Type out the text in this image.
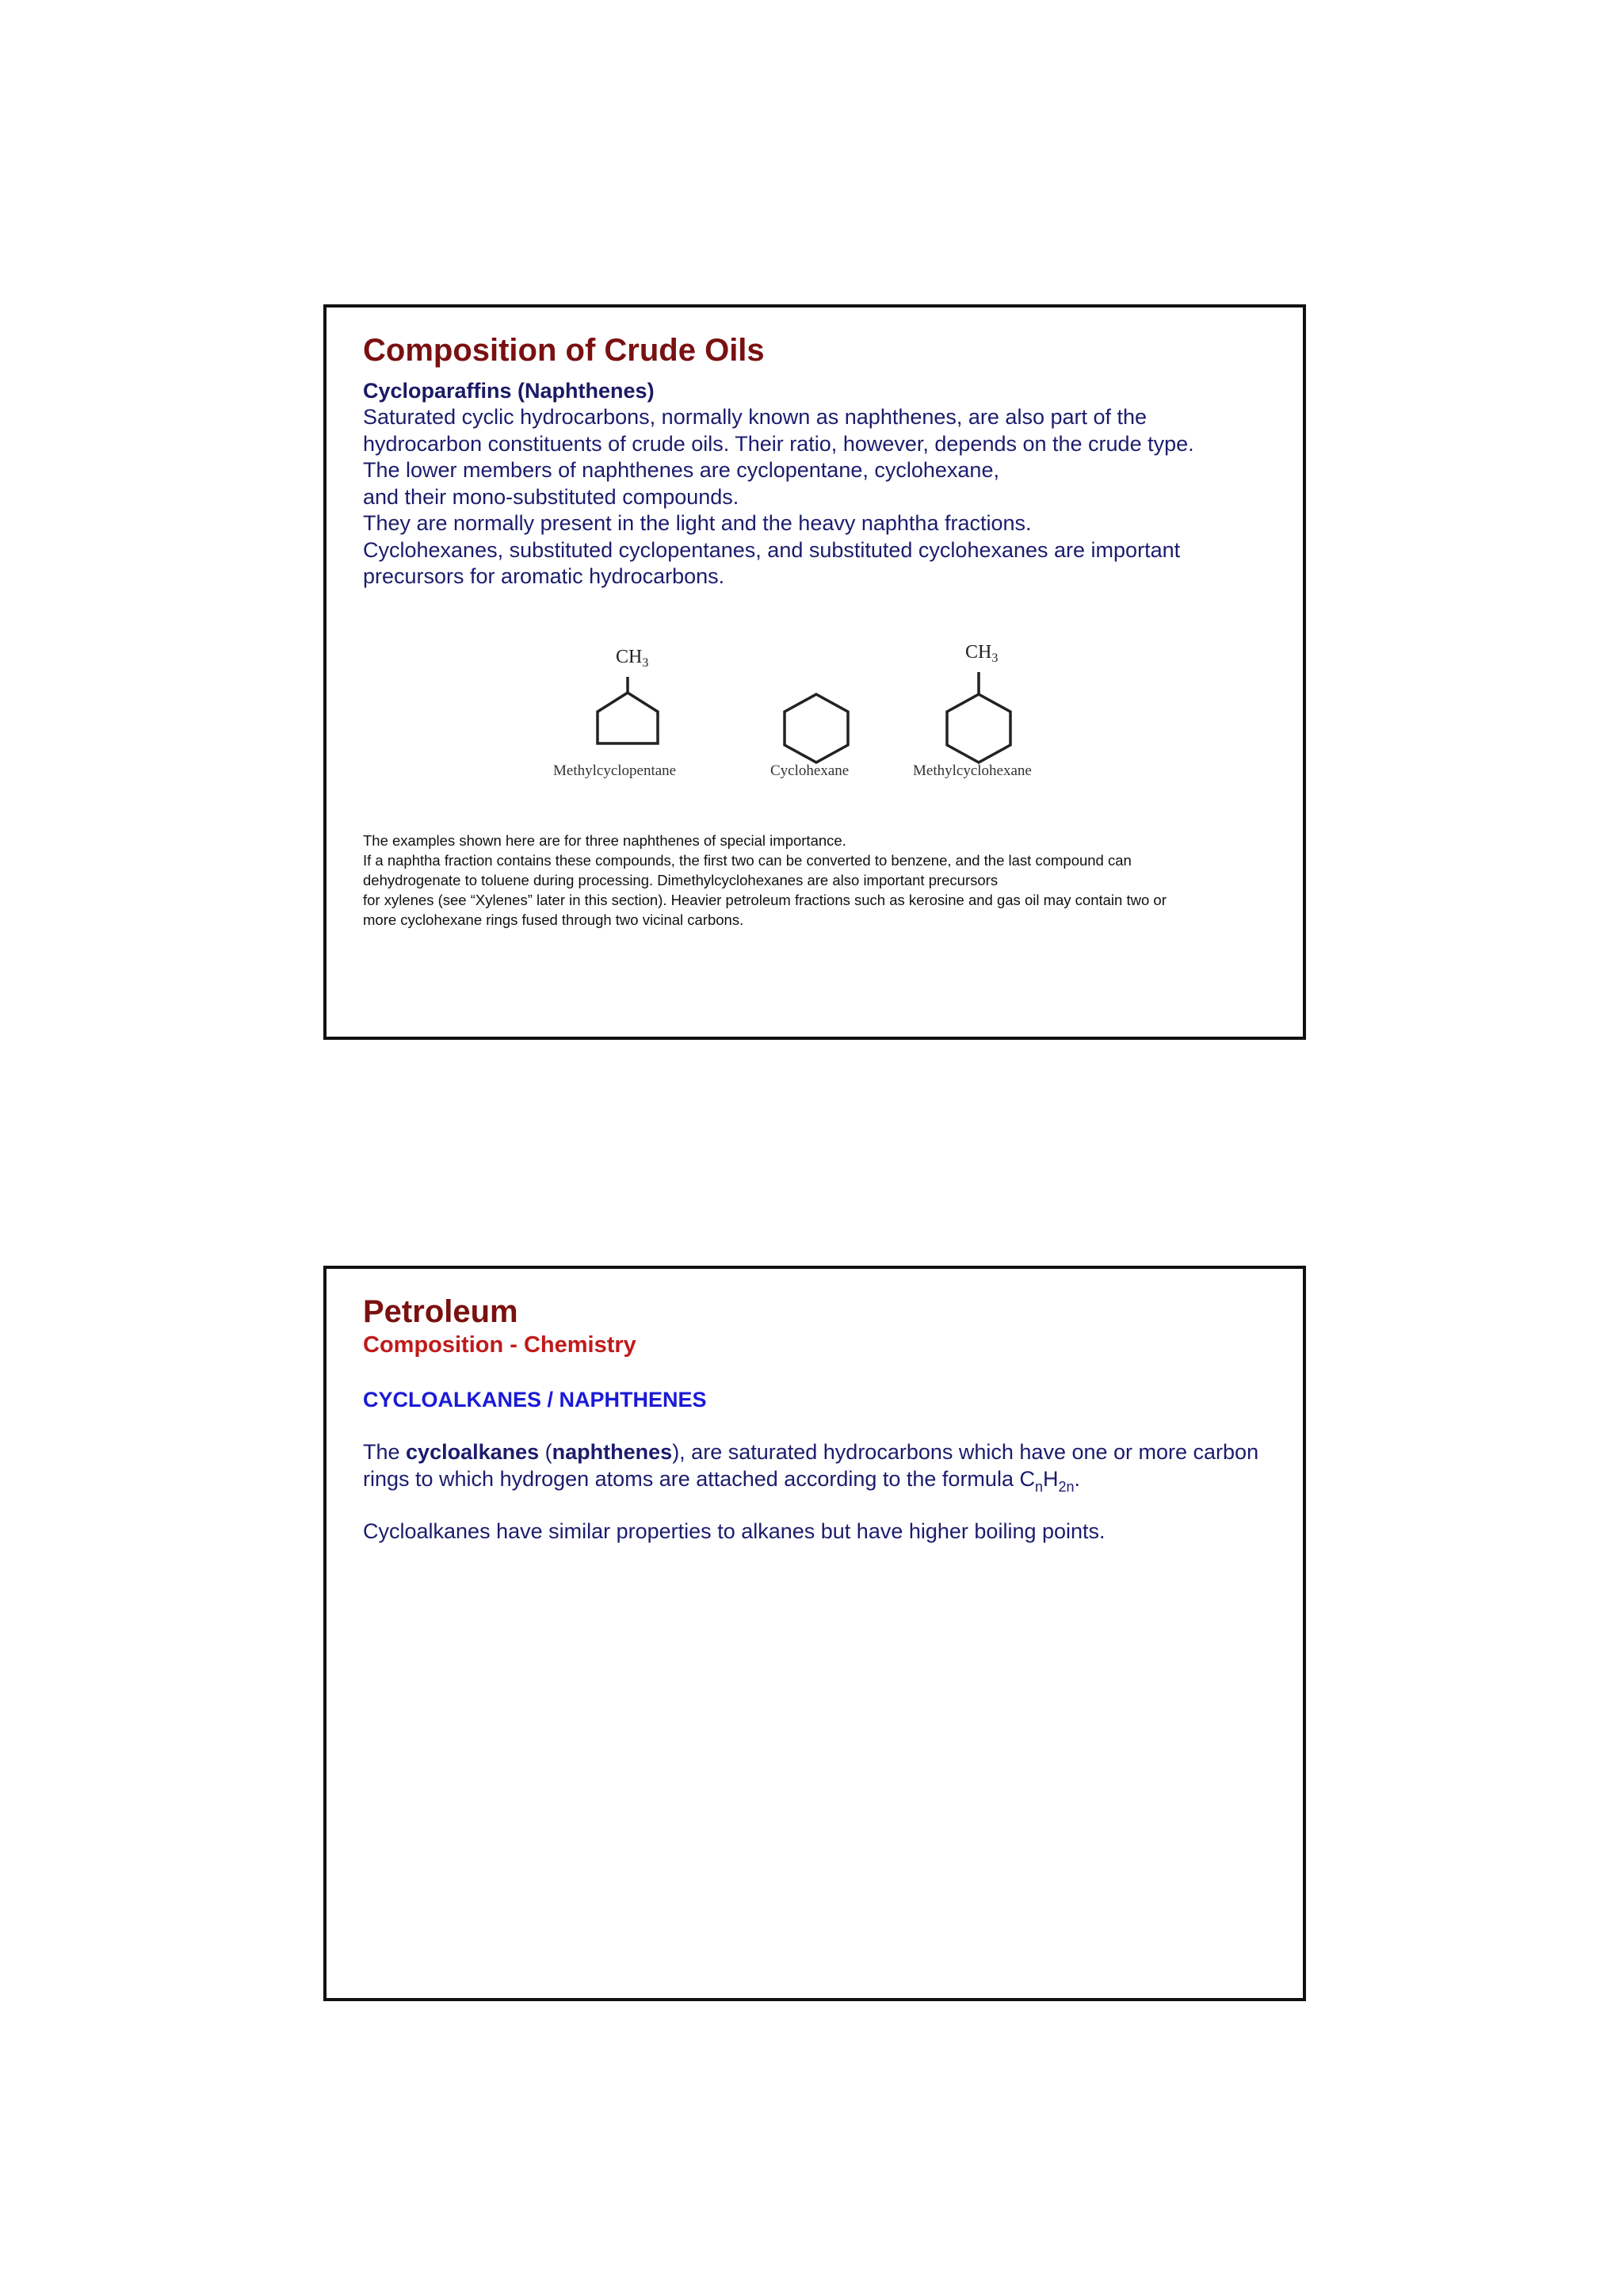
Composition of Crude Oils

Cycloparaffins (Naphthenes)

Saturated cyclic hydrocarbons, normally known as naphthenes, are also part of the

hydrocarbon constituents of crude oils. Their ratio, however, depends on the crude type.

The lower members of naphthenes are cyclopentane, cyclohexane,

and their mono-substituted compounds.

They are normally present in the light and the heavy naphtha fractions.

Cyclohexanes, substituted cyclopentanes, and substituted cyclohexanes are important

precursors for aromatic hydrocarbons.

$CH_3$
$CH_3$
Methylcyclopentane	Cyclohexane	Methylcyclohexane

The examples shown here are for three naphthenes of special importance.

If a naphtha fraction contains these compounds, the first two can be converted to benzene, and the last compound can

dehydrogenate to toluene during processing. Dimethylcyclohexanes are also important precursors

for xylenes (see “Xylenes” later in this section). Heavier petroleum fractions such as kerosine and gas oil may contain two or

more cyclohexane rings fused through two vicinal carbons.

Petroleum

Composition - Chemistry

CYCLOALKANES / NAPHTHENES

The cycloalkanes (naphthenes), are saturated hydrocarbons which have one or more carbon

rings to which hydrogen atoms are attached according to the formula $C_nH_{2n}$.

Cycloalkanes have similar properties to alkanes but have higher boiling points.
